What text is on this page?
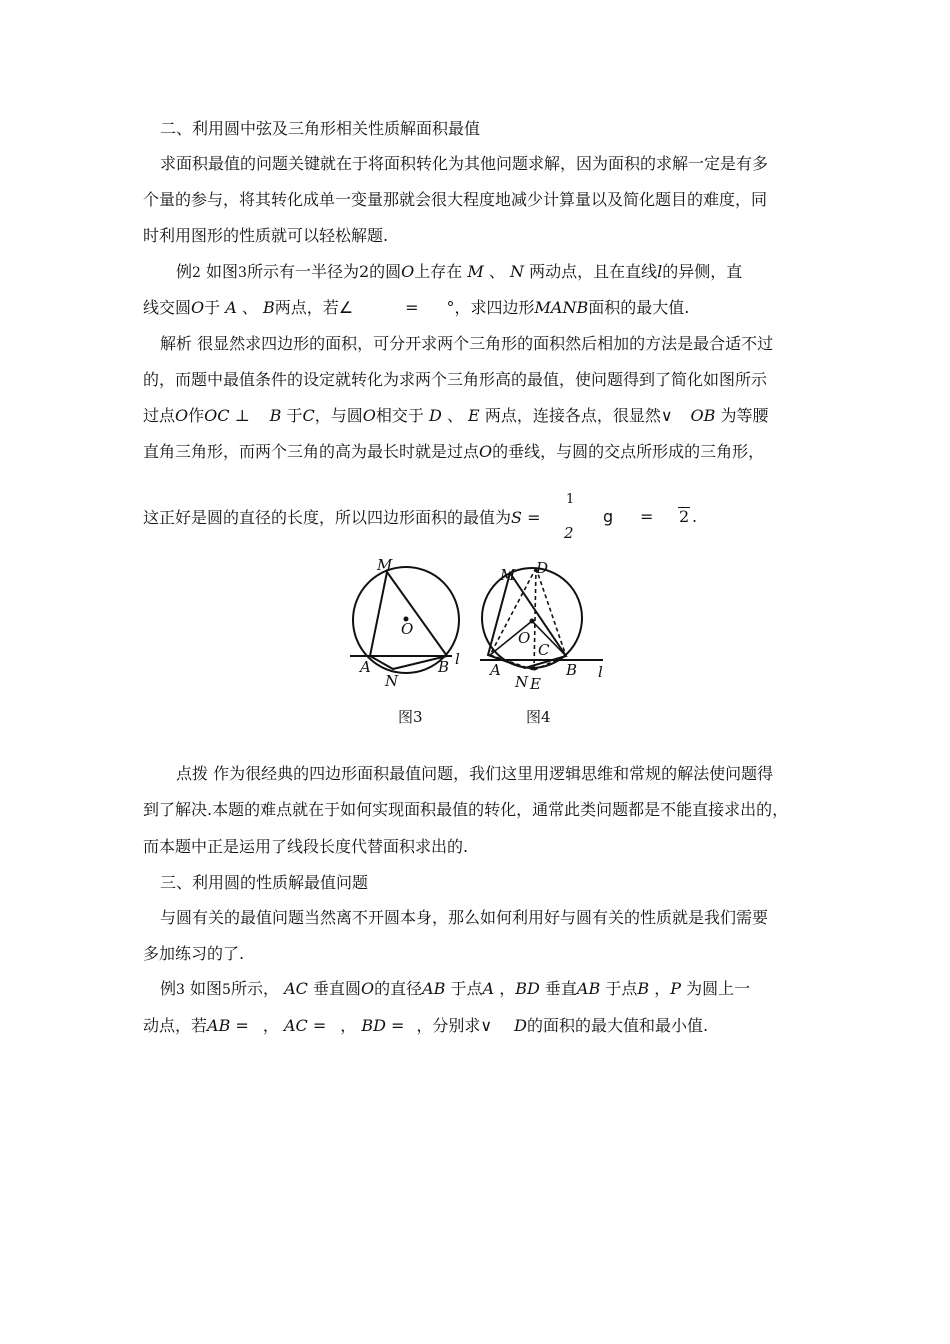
二、利用圆中弦及三角形相关性质解面积最值
求面积最值的问题关键就在于将面积转化为其他问题求解，因为面积的求解一定是有多
个量的参与，将其转化成单一变量那就会很大程度地减少计算量以及简化题目的难度，同
时利用图形的性质就可以轻松解题.
例2 如图3所示有一半径为2的圆O上存在 M 、 N 两动点，且在直线l的异侧，直
线交圆O于 A 、 B两点，若∠	= °，求四边形MANB面积的最大值.
解析 很显然求四边形的面积，可分开求两个三角形的面积然后相加的方法是最合适不过
的，而题中最值条件的设定就转化为求两个三角形高的最值，使问题得到了简化如图所示
过点O作OC ⊥ B 于C，与圆O相交于 D 、 E 两点，连接各点，很显然∨ OB 为等腰
直角三角形，而两个三角的高为最长时就是过点O的垂线，与圆的交点所形成的三角形，
这正好是圆的直径的长度，所以四边形面积的最值为S =
1
2
g = 2 .
M
O
A
N
B l
M D
O
C
A
N E
B l
图3	图4
点拨 作为很经典的四边形面积最值问题，我们这里用逻辑思维和常规的解法使问题得
到了解决.本题的难点就在于如何实现面积最值的转化，通常此类问题都是不能直接求出的，
而本题中正是运用了线段长度代替面积求出的.
三、利用圆的性质解最值问题
与圆有关的最值问题当然离不开圆本身，那么如何利用好与圆有关的性质就是我们需要
多加练习的了.
例3 如图5所示， AC 垂直圆O的直径AB 于点A ，BD 垂直AB 于点B ，P 为圆上一
动点，若AB = ， AC = ， BD = ，分别求∨ D的面积的最大值和最小值.
